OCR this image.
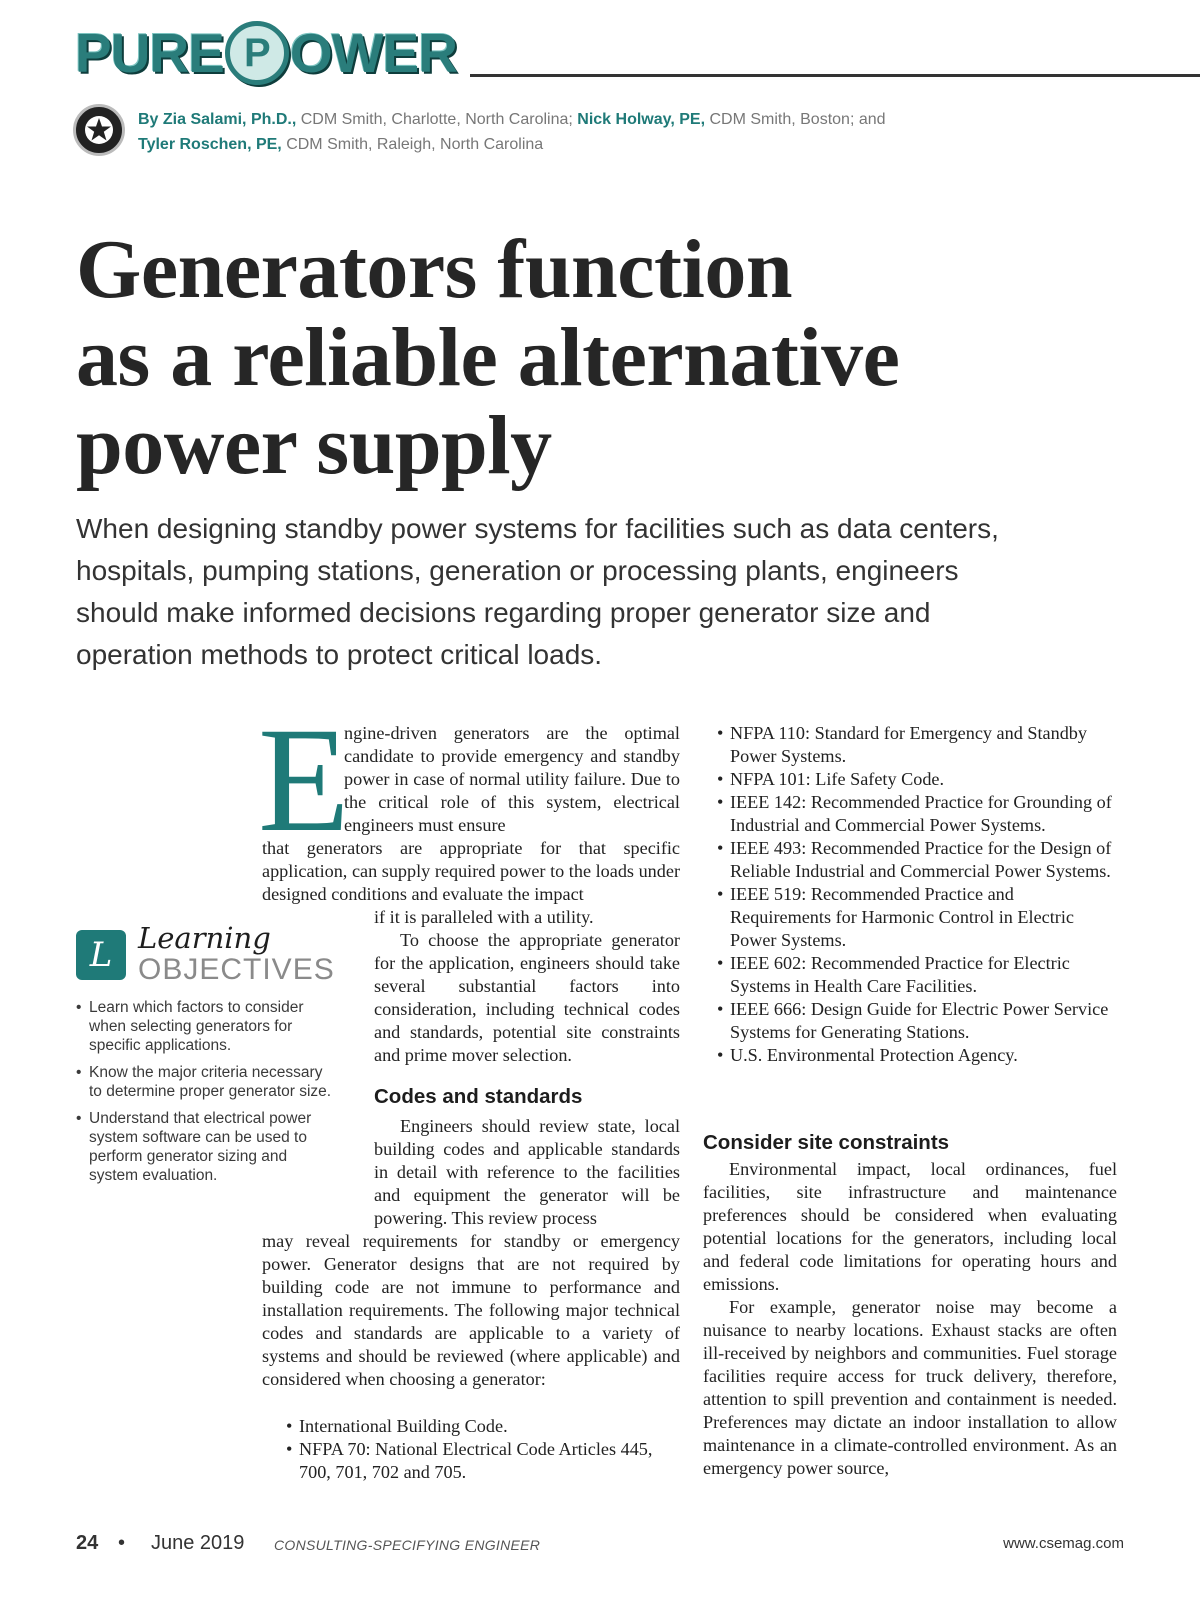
PURE P OWER
By Zia Salami, Ph.D., CDM Smith, Charlotte, North Carolina; Nick Holway, PE, CDM Smith, Boston; and
Tyler Roschen, PE, CDM Smith, Raleigh, North Carolina
Generators function
as a reliable alternative
power supply

When designing standby power systems for facilities such as data centers, hospitals, pumping stations, generation or processing plants, engineers should make informed decisions regarding proper generator size and operation methods to protect critical loads.

E

ngine-driven generators are the optimal candidate to provide emergency and standby power in case of normal utility failure. Due to the critical role of this system, electrical engineers must ensure

that generators are appropriate for that specific application, can supply required power to the loads under designed conditions and evaluate the impact

if it is paralleled with a utility.

To choose the appropriate generator for the application, engineers should take several substantial factors into consideration, including technical codes and standards, potential site constraints and prime mover selection.

Codes and standards

Engineers should review state, local building codes and applicable standards in detail with reference to the facilities and equipment the generator will be powering. This review process

may reveal requirements for standby or emergency power. Generator designs that are not required by building code are not immune to performance and installation requirements. The following major technical codes and standards are applicable to a variety of systems and should be reviewed (where applicable) and considered when choosing a generator:

• International Building Code.
• NFPA 70: National Electrical Code Articles 445, 700, 701, 702 and 705.
L Learning
OBJECTIVES
• Learn which factors to consider when selecting generators for specific applications.
• Know the major criteria necessary to determine proper generator size.
• Understand that electrical power system software can be used to perform generator sizing and system evaluation.
• NFPA 110: Standard for Emergency and Standby Power Systems.
• NFPA 101: Life Safety Code.
• IEEE 142: Recommended Practice for Grounding of Industrial and Commercial Power Systems.
• IEEE 493: Recommended Practice for the Design of Reliable Industrial and Commercial Power Systems.
• IEEE 519: Recommended Practice and Requirements for Harmonic Control in Electric Power Systems.
• IEEE 602: Recommended Practice for Electric Systems in Health Care Facilities.
• IEEE 666: Design Guide for Electric Power Service Systems for Generating Stations.
• U.S. Environmental Protection Agency.
Consider site constraints

Environmental impact, local ordinances, fuel facilities, site infrastructure and maintenance preferences should be considered when evaluating potential locations for the generators, including local and federal code limitations for operating hours and emissions.

For example, generator noise may become a nuisance to nearby locations. Exhaust stacks are often ill-received by neighbors and communities. Fuel storage facilities require access for truck delivery, therefore, attention to spill prevention and containment is needed. Preferences may dictate an indoor installation to allow maintenance in a climate-controlled environment. As an emergency power source,

24 • June 2019 CONSULTING-SPECIFYING ENGINEER	www.csemag.com
